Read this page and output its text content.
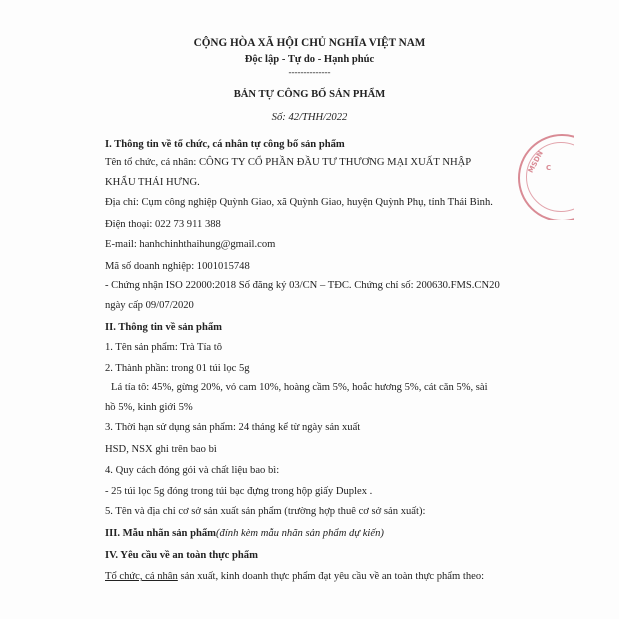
CỘNG HÒA XÃ HỘI CHỦ NGHĨA VIỆT NAM
Độc lập - Tự do - Hạnh phúc
--------------
BẢN TỰ CÔNG BỐ SẢN PHẨM
Số: 42/THH/2022
I. Thông tin về tổ chức, cá nhân tự công bố sản phẩm
Tên tổ chức, cá nhân: CÔNG TY CỔ PHẦN ĐẦU TƯ THƯƠNG MẠI XUẤT NHẬP
KHẨU THÁI HƯNG.
Địa chỉ: Cụm công nghiệp Quỳnh Giao, xã Quỳnh Giao, huyện Quỳnh Phụ, tỉnh Thái Bình.
Điện thoại: 022 73 911 388
E-mail: hanhchinhthaihung@gmail.com
Mã số doanh nghiệp: 1001015748
- Chứng nhận ISO 22000:2018 Số đăng ký 03/CN – TĐC. Chứng chỉ số: 200630.FMS.CN20
ngày cấp 09/07/2020
II. Thông tin về sản phẩm
1. Tên sản phẩm: Trà Tía tô
2. Thành phần: trong 01 túi lọc 5g
Lá tía tô: 45%, gừng 20%, vỏ cam 10%, hoàng cầm 5%, hoắc hương 5%, cát cǎn 5%, sài
hồ 5%, kinh giới 5%
3. Thời hạn sử dụng sản phẩm: 24 tháng kể từ ngày sản xuất
HSD, NSX ghi trên bao bì
4. Quy cách đóng gói và chất liệu bao bì:
- 25 túi lọc 5g đóng trong túi bạc đựng trong hộp giấy Duplex .
5. Tên và địa chỉ cơ sở sản xuất sản phẩm (trường hợp thuê cơ sở sản xuất):
III. Mẫu nhãn sản phẩm(đính kèm mẫu nhãn sản phẩm dự kiến)
IV. Yêu cầu về an toàn thực phẩm
Tổ chức, cá nhân sản xuất, kinh doanh thực phẩm đạt yêu cầu về an toàn thực phẩm theo:
MSDN C
